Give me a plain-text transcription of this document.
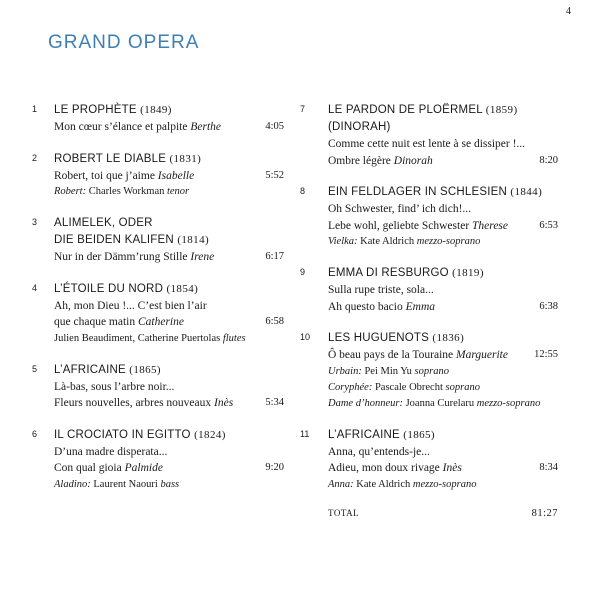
4
GRAND OPERA
1 LE PROPHÈTE (1849)
Mon cœur s’élance et palpite Berthe	4:05
2 ROBERT LE DIABLE (1831)
Robert, toi que j’aime Isabelle	5:52
Robert: Charles Workman tenor
3 ALIMELEK, ODER
DIE BEIDEN KALIFEN (1814)
Nur in der Dämm’rung Stille Irene	6:17
4 L’ÉTOILE DU NORD (1854)
Ah, mon Dieu !... C’est bien l’air
que chaque matin Catherine	6:58
Julien Beaudiment, Catherine Puertolas flutes
5 L’AFRICAINE (1865)
Là-bas, sous l’arbre noir...
Fleurs nouvelles, arbres nouveaux Inès	5:34
6 IL CROCIATO IN EGITTO (1824)
D’una madre disperata...
Con qual gioia Palmide	9:20
Aladino: Laurent Naouri bass
7 LE PARDON DE PLOËRMEL (1859)
(DINORAH)
Comme cette nuit est lente à se dissiper !...
Ombre légère Dinorah	8:20
8 EIN FELDLAGER IN SCHLESIEN (1844)
Oh Schwester, find’ ich dich!...
Lebe wohl, geliebte Schwester Therese	6:53
Vielka: Kate Aldrich mezzo-soprano
9 EMMA DI RESBURGO (1819)
Sulla rupe triste, sola...
Ah questo bacio Emma	6:38
10 LES HUGUENOTS (1836)
Ô beau pays de la Touraine Marguerite 12:55
Urbain: Pei Min Yu soprano
Coryphée: Pascale Obrecht soprano
Dame d’honneur: Joanna Curelaru mezzo-soprano
11 L’AFRICAINE (1865)
Anna, qu’entends-je...
Adieu, mon doux rivage Inès	8:34
Anna: Kate Aldrich mezzo-soprano
TOTAL	81:27
